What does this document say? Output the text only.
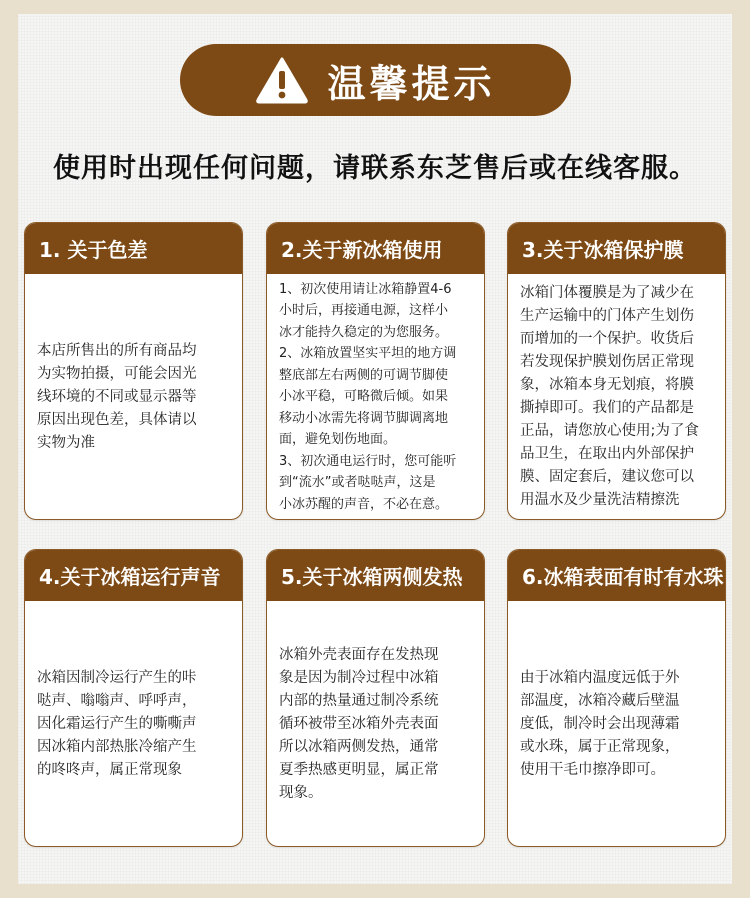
温馨提示
使用时出现任何问题，请联系东芝售后或在线客服。
1. 关于色差
本店所售出的所有商品均
为实物拍摄，可能会因光
线环境的不同或显示器等
原因出现色差，具体请以
实物为准
2.关于新冰箱使用
1、初次使用请让冰箱静置4-6
小时后，再接通电源，这样小
冰才能持久稳定的为您服务。
2、冰箱放置坚实平坦的地方调
整底部左右两侧的可调节脚使
小冰平稳，可略微后倾。如果
移动小冰需先将调节脚调离地
面，避免划伤地面。
3、初次通电运行时，您可能听
到“流水”或者哒哒声，这是
小冰苏醒的声音，不必在意。
3.关于冰箱保护膜
冰箱门体覆膜是为了减少在
生产运输中的门体产生划伤
而增加的一个保护。收货后
若发现保护膜划伤居正常现
象，冰箱本身无划痕，将膜
撕掉即可。我们的产品都是
正品，请您放心使用;为了食
品卫生，在取出内外部保护
膜、固定套后，建议您可以
用温水及少量洗洁精擦洗
4.关于冰箱运行声音
冰箱因制冷运行产生的咔
哒声、嗡嗡声、呼呼声，
因化霜运行产生的嘶嘶声
因冰箱内部热胀冷缩产生
的咚咚声，属正常现象
5.关于冰箱两侧发热
冰箱外壳表面存在发热现
象是因为制冷过程中冰箱
内部的热量通过制冷系统
循环被带至冰箱外壳表面
所以冰箱两侧发热，通常
夏季热感更明显，属正常
现象。
6.冰箱表面有时有水珠
由于冰箱内温度远低于外
部温度，冰箱冷藏后壁温
度低，制冷时会出现薄霜
或水珠，属于正常现象，
使用干毛巾擦净即可。
